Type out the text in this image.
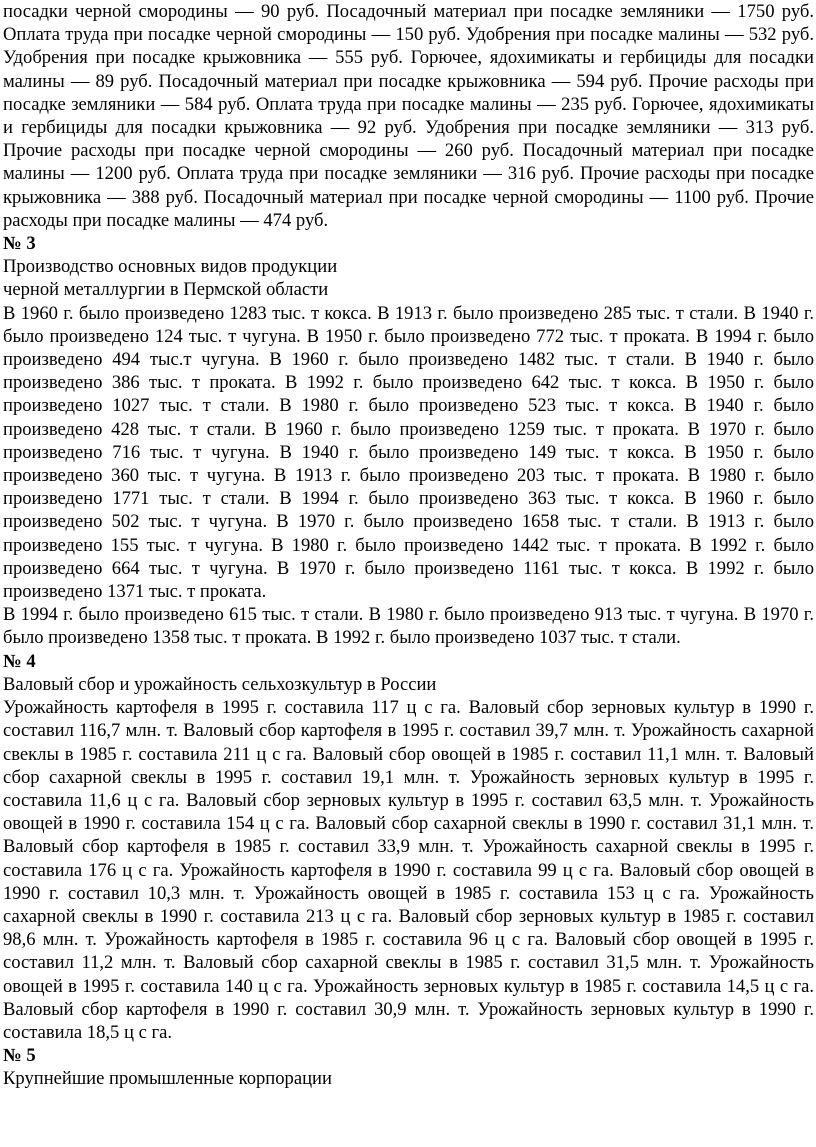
посадки черной смородины — 90 руб. Посадочный материал при посадке земляники — 1750 руб. Оплата труда при посадке черной смородины — 150 руб. Удобрения при посадке малины — 532 руб. Удобрения при посадке крыжовника — 555 руб. Горючее, ядохимикаты и гербициды для посадки малины — 89 руб. Посадочный материал при посадке крыжовника — 594 руб. Прочие расходы при посадке земляники — 584 руб. Оплата труда при посадке малины — 235 руб. Горючее, ядохимикаты и гербициды для посадки крыжовника — 92 руб. Удобрения при посадке земляники — 313 руб. Прочие расходы при посадке черной смородины — 260 руб. Посадочный материал при посадке малины — 1200 руб. Оплата труда при посадке земляники — 316 руб. Прочие расходы при посадке крыжовника — 388 руб. Посадочный материал при посадке черной смородины — 1100 руб. Прочие расходы при посадке малины — 474 руб.

№ 3

Производство основных видов продукции

черной металлургии в Пермской области

В 1960 г. было произведено 1283 тыс. т кокса. В 1913 г. было произведено 285 тыс. т стали. В 1940 г. было произведено 124 тыс. т чугуна. В 1950 г. было произведено 772 тыс. т проката. В 1994 г. было произведено 494 тыс.т чугуна. В 1960 г. было произведено 1482 тыс. т стали. В 1940 г. было произведено 386 тыс. т проката. В 1992 г. было произведено 642 тыс. т кокса. В 1950 г. было произведено 1027 тыс. т стали. В 1980 г. было произведено 523 тыс. т кокса. В 1940 г. было произведено 428 тыс. т стали. В 1960 г. было произведено 1259 тыс. т проката. В 1970 г. было произведено 716 тыс. т чугуна. В 1940 г. было произведено 149 тыс. т кокса. В 1950 г. было произведено 360 тыс. т чугуна. В 1913 г. было произведено 203 тыс. т проката. В 1980 г. было произведено 1771 тыс. т стали. В 1994 г. было произведено 363 тыс. т кокса. В 1960 г. было произведено 502 тыс. т чугуна. В 1970 г. было произведено 1658 тыс. т стали. В 1913 г. было произведено 155 тыс. т чугуна. В 1980 г. было произведено 1442 тыс. т проката. В 1992 г. было произведено 664 тыс. т чугуна. В 1970 г. было произведено 1161 тыс. т кокса. В 1992 г. было произведено 1371 тыс. т проката.

В 1994 г. было произведено 615 тыс. т стали. В 1980 г. было произведено 913 тыс. т чугуна. В 1970 г. было произведено 1358 тыс. т проката. В 1992 г. было произведено 1037 тыс. т стали.

№ 4

Валовый сбор и урожайность сельхозкультур в России

Урожайность картофеля в 1995 г. составила 117 ц с га. Валовый сбор зерновых культур в 1990 г. составил 116,7 млн. т. Валовый сбор картофеля в 1995 г. составил 39,7 млн. т. Урожайность сахарной свеклы в 1985 г. составила 211 ц с га. Валовый сбор овощей в 1985 г. составил 11,1 млн. т. Валовый сбор сахарной свеклы в 1995 г. составил 19,1 млн. т. Урожайность зерновых культур в 1995 г. составила 11,6 ц с га. Валовый сбор зерновых культур в 1995 г. составил 63,5 млн. т. Урожайность овощей в 1990 г. составила 154 ц с га. Валовый сбор сахарной свеклы в 1990 г. составил 31,1 млн. т. Валовый сбор картофеля в 1985 г. составил 33,9 млн. т. Урожайность сахарной свеклы в 1995 г. составила 176 ц с га. Урожайность картофеля в 1990 г. составила 99 ц с га. Валовый сбор овощей в 1990 г. составил 10,3 млн. т. Урожайность овощей в 1985 г. составила 153 ц с га. Урожайность сахарной свеклы в 1990 г. составила 213 ц с га. Валовый сбор зерновых культур в 1985 г. составил 98,6 млн. т. Урожайность картофеля в 1985 г. составила 96 ц с га. Валовый сбор овощей в 1995 г. составил 11,2 млн. т. Валовый сбор сахарной свеклы в 1985 г. составил 31,5 млн. т. Урожайность овощей в 1995 г. составила 140 ц с га. Урожайность зерновых культур в 1985 г. составила 14,5 ц с га. Валовый сбор картофеля в 1990 г. составил 30,9 млн. т. Урожайность зерновых культур в 1990 г. составила 18,5 ц с га.

№ 5

Крупнейшие промышленные корпорации
